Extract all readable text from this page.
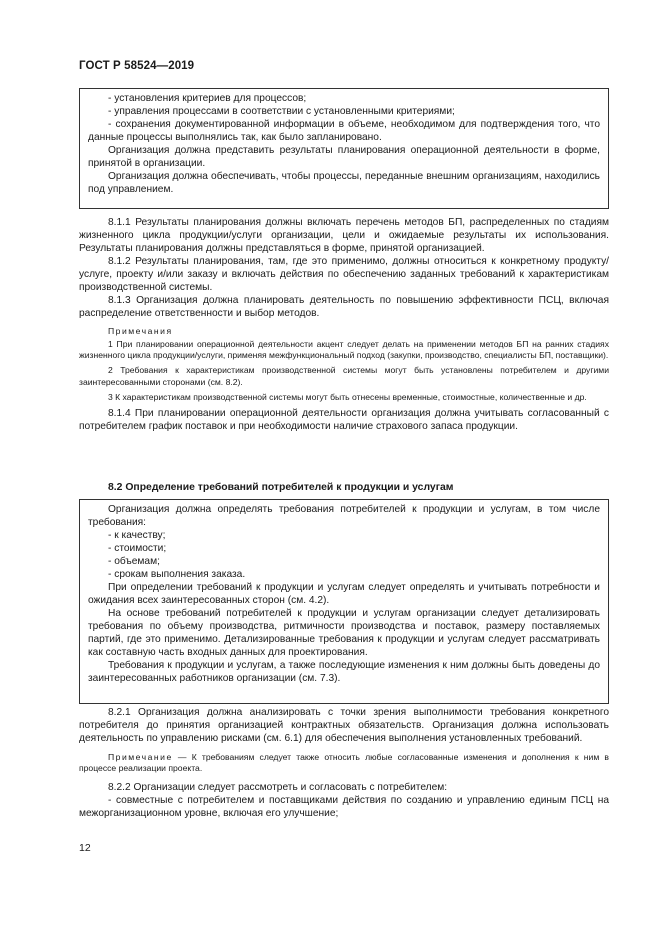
ГОСТ Р 58524—2019

- установления критериев для процессов;

- управления процессами в соответствии с установленными критериями;

- сохранения документированной информации в объеме, необходимом для подтверждения того, что данные процессы выполнялись так, как было запланировано.

Организация должна представить результаты планирования операционной деятельности в форме, принятой в организации.

Организация должна обеспечивать, чтобы процессы, переданные внешним организациям, находились под управлением.

8.1.1 Результаты планирования должны включать перечень методов БП, распределенных по стадиям жизненного цикла продукции/услуги организации, цели и ожидаемые результаты их использования. Результаты планирования должны представляться в форме, принятой организацией.

8.1.2 Результаты планирования, там, где это применимо, должны относиться к конкретному продукту/услуге, проекту и/или заказу и включать действия по обеспечению заданных требований к характеристикам производственной системы.

8.1.3 Организация должна планировать деятельность по повышению эффективности ПСЦ, включая распределение ответственности и выбор методов.

Примечания

1 При планировании операционной деятельности акцент следует делать на применении методов БП на ранних стадиях жизненного цикла продукции/услуги, применяя межфункциональный подход (закупки, производство, специалисты БП, поставщики).

2 Требования к характеристикам производственной системы могут быть установлены потребителем и другими заинтересованными сторонами (см. 8.2).

3 К характеристикам производственной системы могут быть отнесены временные, стоимостные, количественные и др.

8.1.4 При планировании операционной деятельности организация должна учитывать согласованный с потребителем график поставок и при необходимости наличие страхового запаса продукции.

8.2 Определение требований потребителей к продукции и услугам

Организация должна определять требования потребителей к продукции и услугам, в том числе требования:

- к качеству;

- стоимости;

- объемам;

- срокам выполнения заказа.

При определении требований к продукции и услугам следует определять и учитывать потребности и ожидания всех заинтересованных сторон (см. 4.2).

На основе требований потребителей к продукции и услугам организации следует детализировать требования по объему производства, ритмичности производства и поставок, размеру поставляемых партий, где это применимо. Детализированные требования к продукции и услугам следует рассматривать как составную часть входных данных для проектирования.

Требования к продукции и услугам, а также последующие изменения к ним должны быть доведены до заинтересованных работников организации (см. 7.3).

8.2.1 Организация должна анализировать с точки зрения выполнимости требования конкретного потребителя до принятия организацией контрактных обязательств. Организация должна использовать деятельность по управлению рисками (см. 6.1) для обеспечения выполнения установленных требований.

Примечание — К требованиям следует также относить любые согласованные изменения и дополнения к ним в процессе реализации проекта.

8.2.2 Организации следует рассмотреть и согласовать с потребителем:

- совместные с потребителем и поставщиками действия по созданию и управлению единым ПСЦ на межорганизационном уровне, включая его улучшение;

12
